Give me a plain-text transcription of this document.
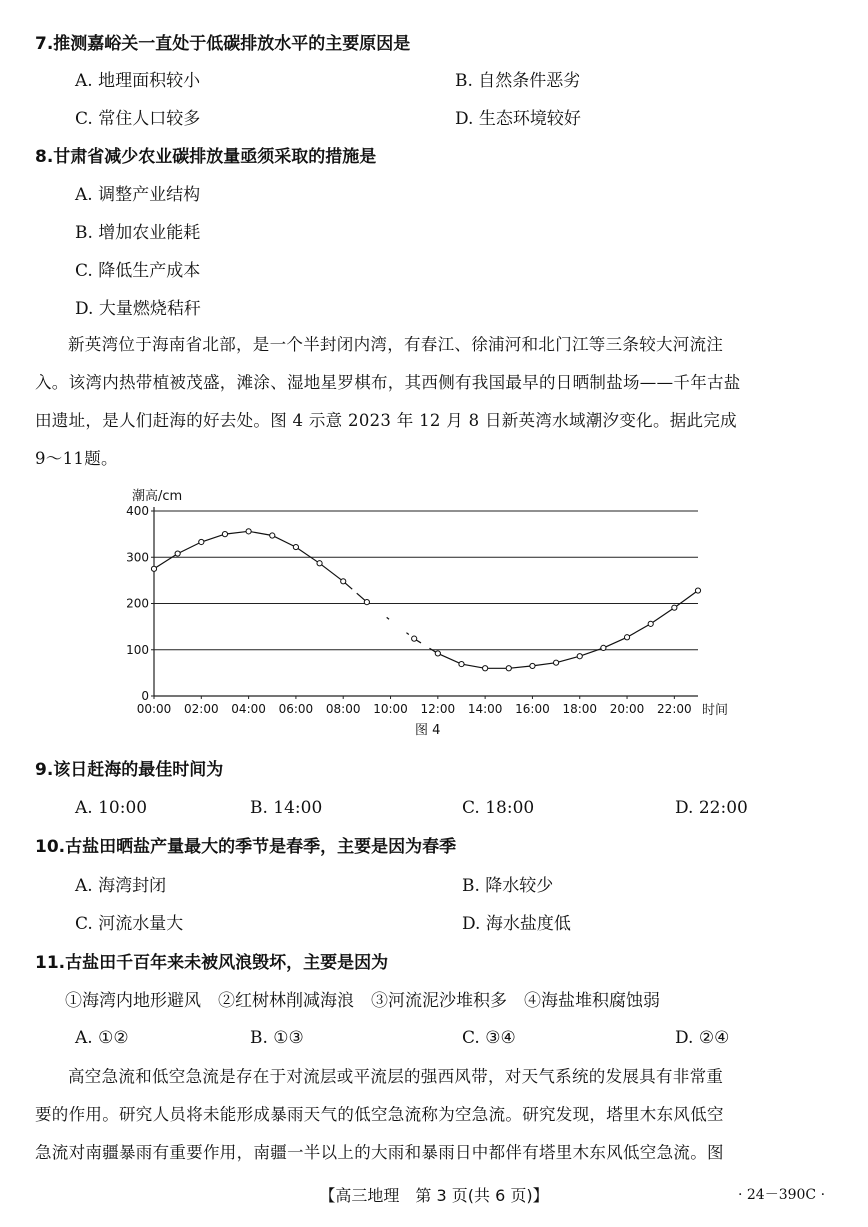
7.推测嘉峪关一直处于低碳排放水平的主要原因是
A. 地理面积较小	B. 自然条件恶劣
C. 常住人口较多	D. 生态环境较好
8.甘肃省减少农业碳排放量亟须采取的措施是
A. 调整产业结构
B. 增加农业能耗
C. 降低生产成本
D. 大量燃烧秸秆
新英湾位于海南省北部，是一个半封闭内湾，有春江、徐浦河和北门江等三条较大河流注
入。该湾内热带植被茂盛，滩涂、湿地星罗棋布，其西侧有我国最早的日晒制盐场——千年古盐
田遗址，是人们赶海的好去处。图 4 示意 2023 年 12 月 8 日新英湾水域潮汐变化。据此完成
9～11题。
潮高/cm
时间
图 4
0
100
200
300
400
00:00 02:00 04:00 06:00 08:00 10:00 12:00 14:00 16:00 18:00 20:00 22:00
9.该日赶海的最佳时间为
A. 10:00	B. 14:00	C. 18:00	D. 22:00
10.古盐田晒盐产量最大的季节是春季，主要是因为春季
A. 海湾封闭	B. 降水较少
C. 河流水量大	D. 海水盐度低
11.古盐田千百年来未被风浪毁坏，主要是因为
①海湾内地形避风　②红树林削减海浪　③河流泥沙堆积多　④海盐堆积腐蚀弱
A. ①②	B. ①③	C. ③④	D. ②④
高空急流和低空急流是存在于对流层或平流层的强西风带，对天气系统的发展具有非常重
要的作用。研究人员将未能形成暴雨天气的低空急流称为空急流。研究发现，塔里木东风低空
急流对南疆暴雨有重要作用，南疆一半以上的大雨和暴雨日中都伴有塔里木东风低空急流。图
【高三地理　第 3 页(共 6 页)】	· 24－390C ·
